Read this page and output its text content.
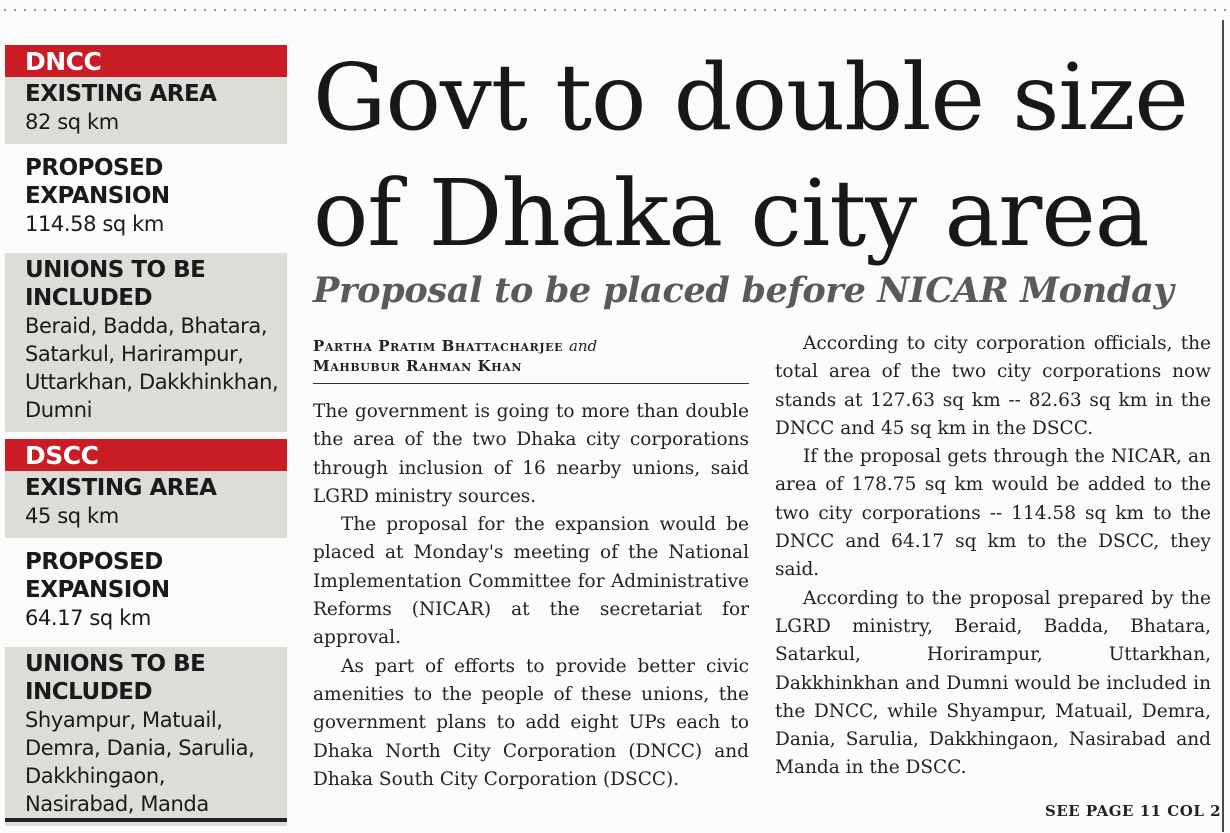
DNCC
EXISTING AREA
82 sq km
PROPOSED EXPANSION
114.58 sq km
UNIONS TO BE
INCLUDED
Beraid, Badda, Bhatara,
Satarkul, Harirampur,
Uttarkhan, Dakkhinkhan,
Dumni
DSCC
EXISTING AREA
45 sq km
PROPOSED EXPANSION
64.17 sq km
UNIONS TO BE
INCLUDED
Shyampur, Matuail,
Demra, Dania, Sarulia,
Dakkhingaon,
Nasirabad, Manda
Govt to double size
of Dhaka city area
Proposal to be placed before NICAR Monday
Partha Pratim Bhattacharjee and
Mahbubur Rahman Khan

The government is going to more than double the area of the two Dhaka city corporations through inclusion of 16 nearby unions, said LGRD ministry sources.

The proposal for the expansion would be placed at Monday's meeting of the National Implementation Committee for Administrative Reforms (NICAR) at the secretariat for approval.

As part of efforts to provide better civic amenities to the people of these unions, the government plans to add eight UPs each to Dhaka North City Corporation (DNCC) and Dhaka South City Corporation (DSCC).

According to city corporation officials, the total area of the two city corporations now stands at 127.63 sq km -- 82.63 sq km in the DNCC and 45 sq km in the DSCC.

If the proposal gets through the NICAR, an area of 178.75 sq km would be added to the two city corporations -- 114.58 sq km to the DNCC and 64.17 sq km to the DSCC, they said.

According to the proposal prepared by the LGRD ministry, Beraid, Badda, Bhatara, Satarkul, Horirampur, Uttarkhan, Dakkhinkhan and Dumni would be included in the DNCC, while Shyampur, Matuail, Demra, Dania, Sarulia, Dakkhingaon, Nasirabad and Manda in the DSCC.

SEE PAGE 11 COL 2
